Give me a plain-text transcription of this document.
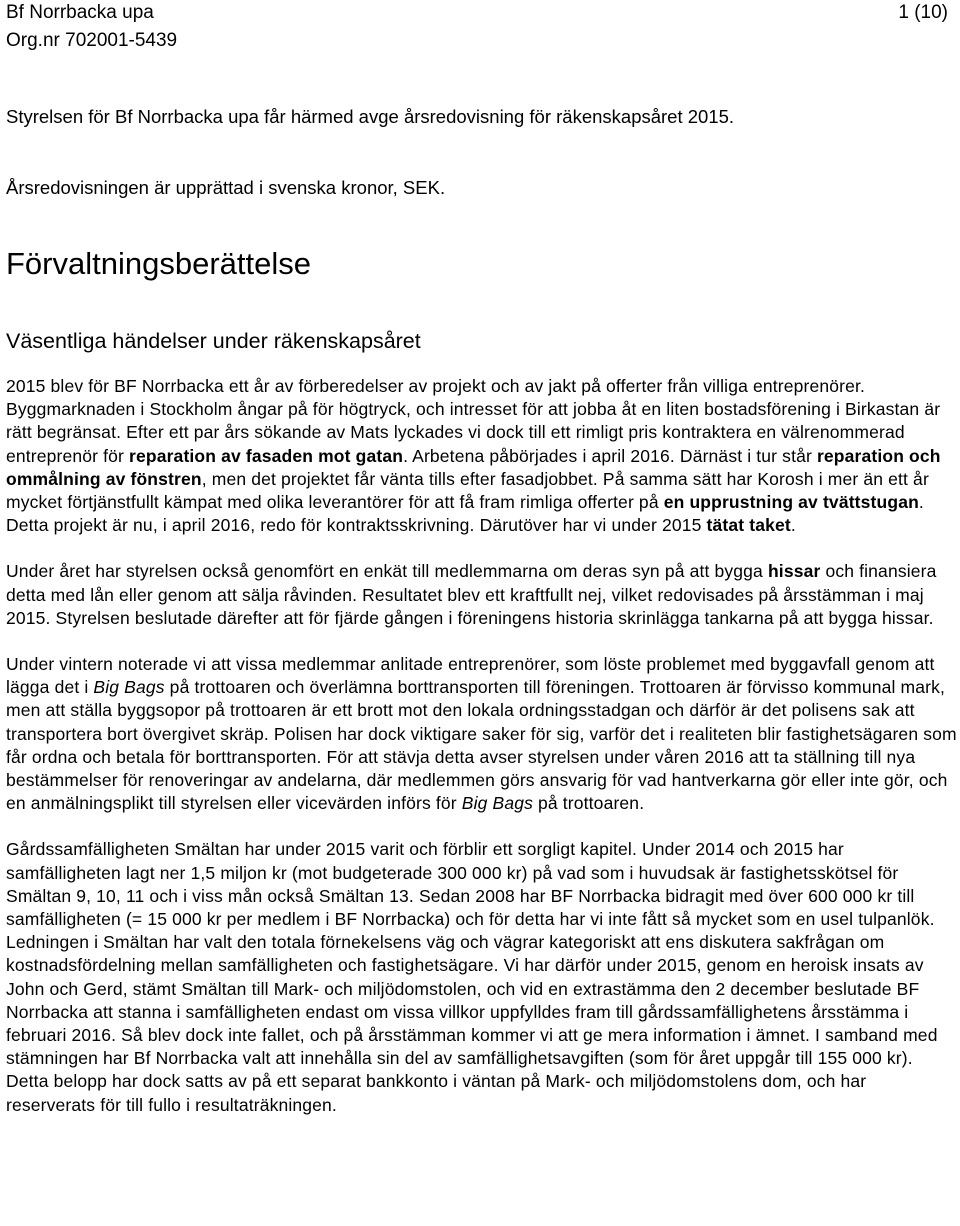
Bf Norrbacka upa
Org.nr 702001-5439
1 (10)
Styrelsen för Bf Norrbacka upa får härmed avge årsredovisning för räkenskapsåret 2015.
Årsredovisningen är upprättad i svenska kronor, SEK.
Förvaltningsberättelse
Väsentliga händelser under räkenskapsåret

2015 blev för BF Norrbacka ett år av förberedelser av projekt och av jakt på offerter från villiga entreprenörer. Byggmarknaden i Stockholm ångar på för högtryck, och intresset för att jobba åt en liten bostadsförening i Birkastan är rätt begränsat. Efter ett par års sökande av Mats lyckades vi dock till ett rimligt pris kontraktera en välrenommerad entreprenör för reparation av fasaden mot gatan. Arbetena påbörjades i april 2016. Därnäst i tur står reparation och ommålning av fönstren, men det projektet får vänta tills efter fasadjobbet. På samma sätt har Korosh i mer än ett år mycket förtjänstfullt kämpat med olika leverantörer för att få fram rimliga offerter på en upprustning av tvättstugan. Detta projekt är nu, i april 2016, redo för kontraktsskrivning. Därutöver har vi under 2015 tätat taket.

Under året har styrelsen också genomfört en enkät till medlemmarna om deras syn på att bygga hissar och finansiera detta med lån eller genom att sälja råvinden. Resultatet blev ett kraftfullt nej, vilket redovisades på årsstämman i maj 2015. Styrelsen beslutade därefter att för fjärde gången i föreningens historia skrinlägga tankarna på att bygga hissar.

Under vintern noterade vi att vissa medlemmar anlitade entreprenörer, som löste problemet med byggavfall genom att lägga det i Big Bags på trottoaren och överlämna borttransporten till föreningen. Trottoaren är förvisso kommunal mark, men att ställa byggsopor på trottoaren är ett brott mot den lokala ordningsstadgan och därför är det polisens sak att transportera bort övergivet skräp. Polisen har dock viktigare saker för sig, varför det i realiteten blir fastighetsägaren som får ordna och betala för borttransporten. För att stävja detta avser styrelsen under våren 2016 att ta ställning till nya bestämmelser för renoveringar av andelarna, där medlemmen görs ansvarig för vad hantverkarna gör eller inte gör, och en anmälningsplikt till styrelsen eller vicevärden införs för Big Bags på trottoaren.

Gårdssamfälligheten Smältan har under 2015 varit och förblir ett sorgligt kapitel. Under 2014 och 2015 har samfälligheten lagt ner 1,5 miljon kr (mot budgeterade 300 000 kr) på vad som i huvudsak är fastighetsskötsel för Smältan 9, 10, 11 och i viss mån också Smältan 13. Sedan 2008 har BF Norrbacka bidragit med över 600 000 kr till samfälligheten (= 15 000 kr per medlem i BF Norrbacka) och för detta har vi inte fått så mycket som en usel tulpanlök. Ledningen i Smältan har valt den totala förnekelsens väg och vägrar kategoriskt att ens diskutera sakfrågan om kostnadsfördelning mellan samfälligheten och fastighetsägare. Vi har därför under 2015, genom en heroisk insats av John och Gerd, stämt Smältan till Mark- och miljödomstolen, och vid en extrastämma den 2 december beslutade BF Norrbacka att stanna i samfälligheten endast om vissa villkor uppfylldes fram till gårdssamfällighetens årsstämma i februari 2016. Så blev dock inte fallet, och på årsstämman kommer vi att ge mera information i ämnet. I samband med stämningen har Bf Norrbacka valt att innehålla sin del av samfällighetsavgiften (som för året uppgår till 155 000 kr). Detta belopp har dock satts av på ett separat bankkonto i väntan på Mark- och miljödomstolens dom, och har reserverats för till fullo i resultaträkningen.
